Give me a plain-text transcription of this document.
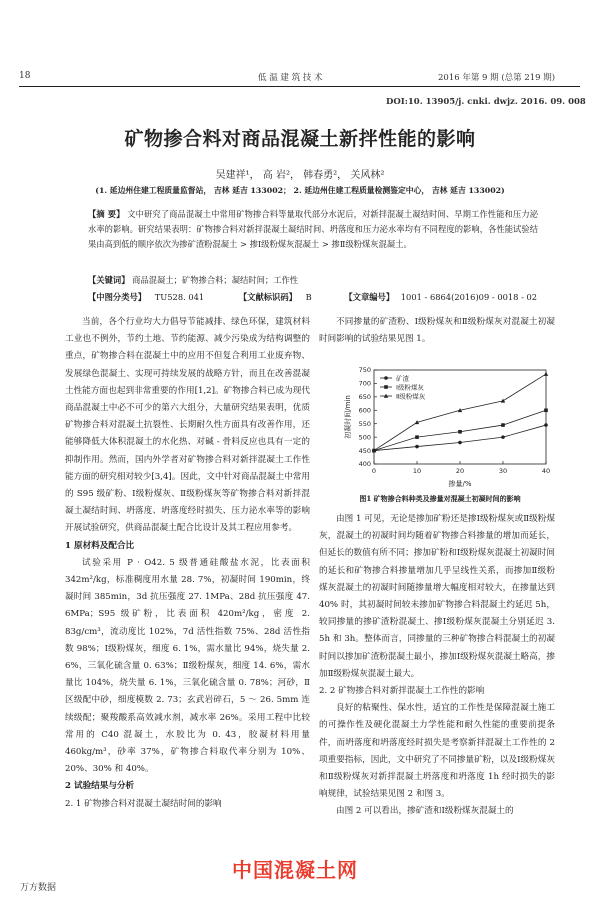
18	低 温 建 筑 技 术	2016 年第 9 期 (总第 219 期)
DOI:10. 13905/j. cnki. dwjz. 2016. 09. 008
矿物掺合料对商品混凝土新拌性能的影响
吴建祥¹， 高 岩²， 韩春勇²， 关风林²
(1. 延边州住建工程质量监督站， 吉林 延吉 133002； 2. 延边州住建工程质量检测鉴定中心， 吉林 延吉 133002)
【摘 要】 文中研究了商品混凝土中常用矿物掺合料等量取代部分水泥后，对新拌混凝土凝结时间、早期工作性能和压力泌水率的影响。研究结果表明：矿物掺合料对新拌混凝土凝结时间、坍落度和压力泌水率均有不同程度的影响，各性能试验结果由高到低的顺序依次为掺矿渣粉混凝土 > 掺Ⅰ级粉煤灰混凝土 > 掺Ⅱ级粉煤灰混凝土。
【关键词】 商品混凝土；矿物掺合料；凝结时间；工作性
【中图分类号】 TU528. 041	【文献标识码】 B	【文章编号】 1001 - 6864(2016)09 - 0018 - 02

当前，各个行业均大力倡导节能减排、绿色环保，建筑材料工业也不例外，节约土地、节约能源、减少污染成为结构调整的重点，矿物掺合料在混凝土中的应用不但复合利用工业废弃物、发展绿色混凝土、实现可持续发展的战略方针，而且在改善混凝土性能方面也起到非常重要的作用[1,2]。矿物掺合料已成为现代商品混凝土中必不可少的第六大组分，大量研究结果表明，优质矿物掺合料对混凝土抗裂性、长期耐久性方面具有改善作用，还能够降低大体积混凝土的水化热、对碱 - 骨料反应也具有一定的抑制作用。然而，国内外学者对矿物掺合料对新拌混凝土工作性能方面的研究相对较少[3,4]。因此，文中针对商品混凝土中常用的 S95 级矿粉、Ⅰ级粉煤灰、Ⅱ级粉煤灰等矿物掺合料对新拌混凝土凝结时间、坍落度、坍落度经时损失、压力泌水率等的影响开展试验研究，供商品混凝土配合比设计及其工程应用参考。

1 原材料及配合比

试验采用 P · O42. 5 级普通硅酸盐水泥，比表面积 342m²/kg，标准稠度用水量 28. 7%，初凝时间 190min，终凝时间 385min，3d 抗压强度 27. 1MPa、28d 抗压强度 47. 6MPa；S95 级矿粉，比表面积 420m²/kg，密度 2. 83g/cm³，流动度比 102%，7d 活性指数 75%、28d 活性指数 98%；Ⅰ级粉煤灰，细度 6. 1%，需水量比 94%，烧失量 2. 6%，三氧化硫含量 0. 63%；Ⅱ级粉煤灰，细度 14. 6%，需水量比 104%，烧失量 6. 1%，三氧化硫含量 0. 78%；河砂，Ⅱ区级配中砂，细度模数 2. 73；玄武岩碎石，5 ～ 26. 5mm 连续级配；聚羧酸系高效减水剂，减水率 26%。采用工程中比较常用的 C40 混凝土，水胶比为 0. 43，胶凝材料用量 460kg/m³，砂率 37%，矿物掺合料取代率分别为 10%、20%、30% 和 40%。

2 试验结果与分析

2. 1 矿物掺合料对混凝土凝结时间的影响

不同掺量的矿渣粉、Ⅰ级粉煤灰和Ⅱ级粉煤灰对混凝土初凝时间影响的试验结果见图 1。

400
450
500
550
600
650
700
750
0	10	20	30	40
掺量/%
初凝时间/min
矿渣
Ⅰ级粉煤灰
Ⅱ级粉煤灰
图1 矿物掺合料种类及掺量对混凝土初凝时间的影响

由图 1 可见，无论是掺加矿粉还是掺Ⅰ级粉煤灰或Ⅱ级粉煤灰，混凝土的初凝时间均随着矿物掺合料掺量的增加而延长，但延长的数值有所不同；掺加矿粉和Ⅰ级粉煤灰混凝土初凝时间的延长和矿物掺合料掺量增加几乎呈线性关系，而掺加Ⅱ级粉煤灰混凝土的初凝时间随掺量增大幅度相对较大，在掺量达到 40% 时，其初凝时间较未掺加矿物掺合料混凝土约延迟 5h，较同掺量的掺矿渣粉混凝土、掺Ⅰ级粉煤灰混凝土分别延迟 3. 5h 和 3h。整体而言，同掺量的三种矿物掺合料混凝土的初凝时间以掺加矿渣粉混凝土最小，掺加Ⅰ级粉煤灰混凝土略高，掺加Ⅱ级粉煤灰混凝土最大。

2. 2 矿物掺合料对新拌混凝土工作性的影响

良好的粘聚性、保水性，适宜的工作性是保障混凝土施工的可操作性及硬化混凝土力学性能和耐久性能的重要前提条件，而坍落度和坍落度经时损失是考察新拌混凝土工作性的 2 项重要指标，因此，文中研究了不同掺量矿粉，以及Ⅰ级粉煤灰和Ⅱ级粉煤灰对新拌混凝土坍落度和坍落度 1h 经时损失的影响规律，试验结果见图 2 和图 3。

由图 2 可以看出，掺矿渣和Ⅰ级粉煤灰混凝土的

中国混凝土网
万方数据
